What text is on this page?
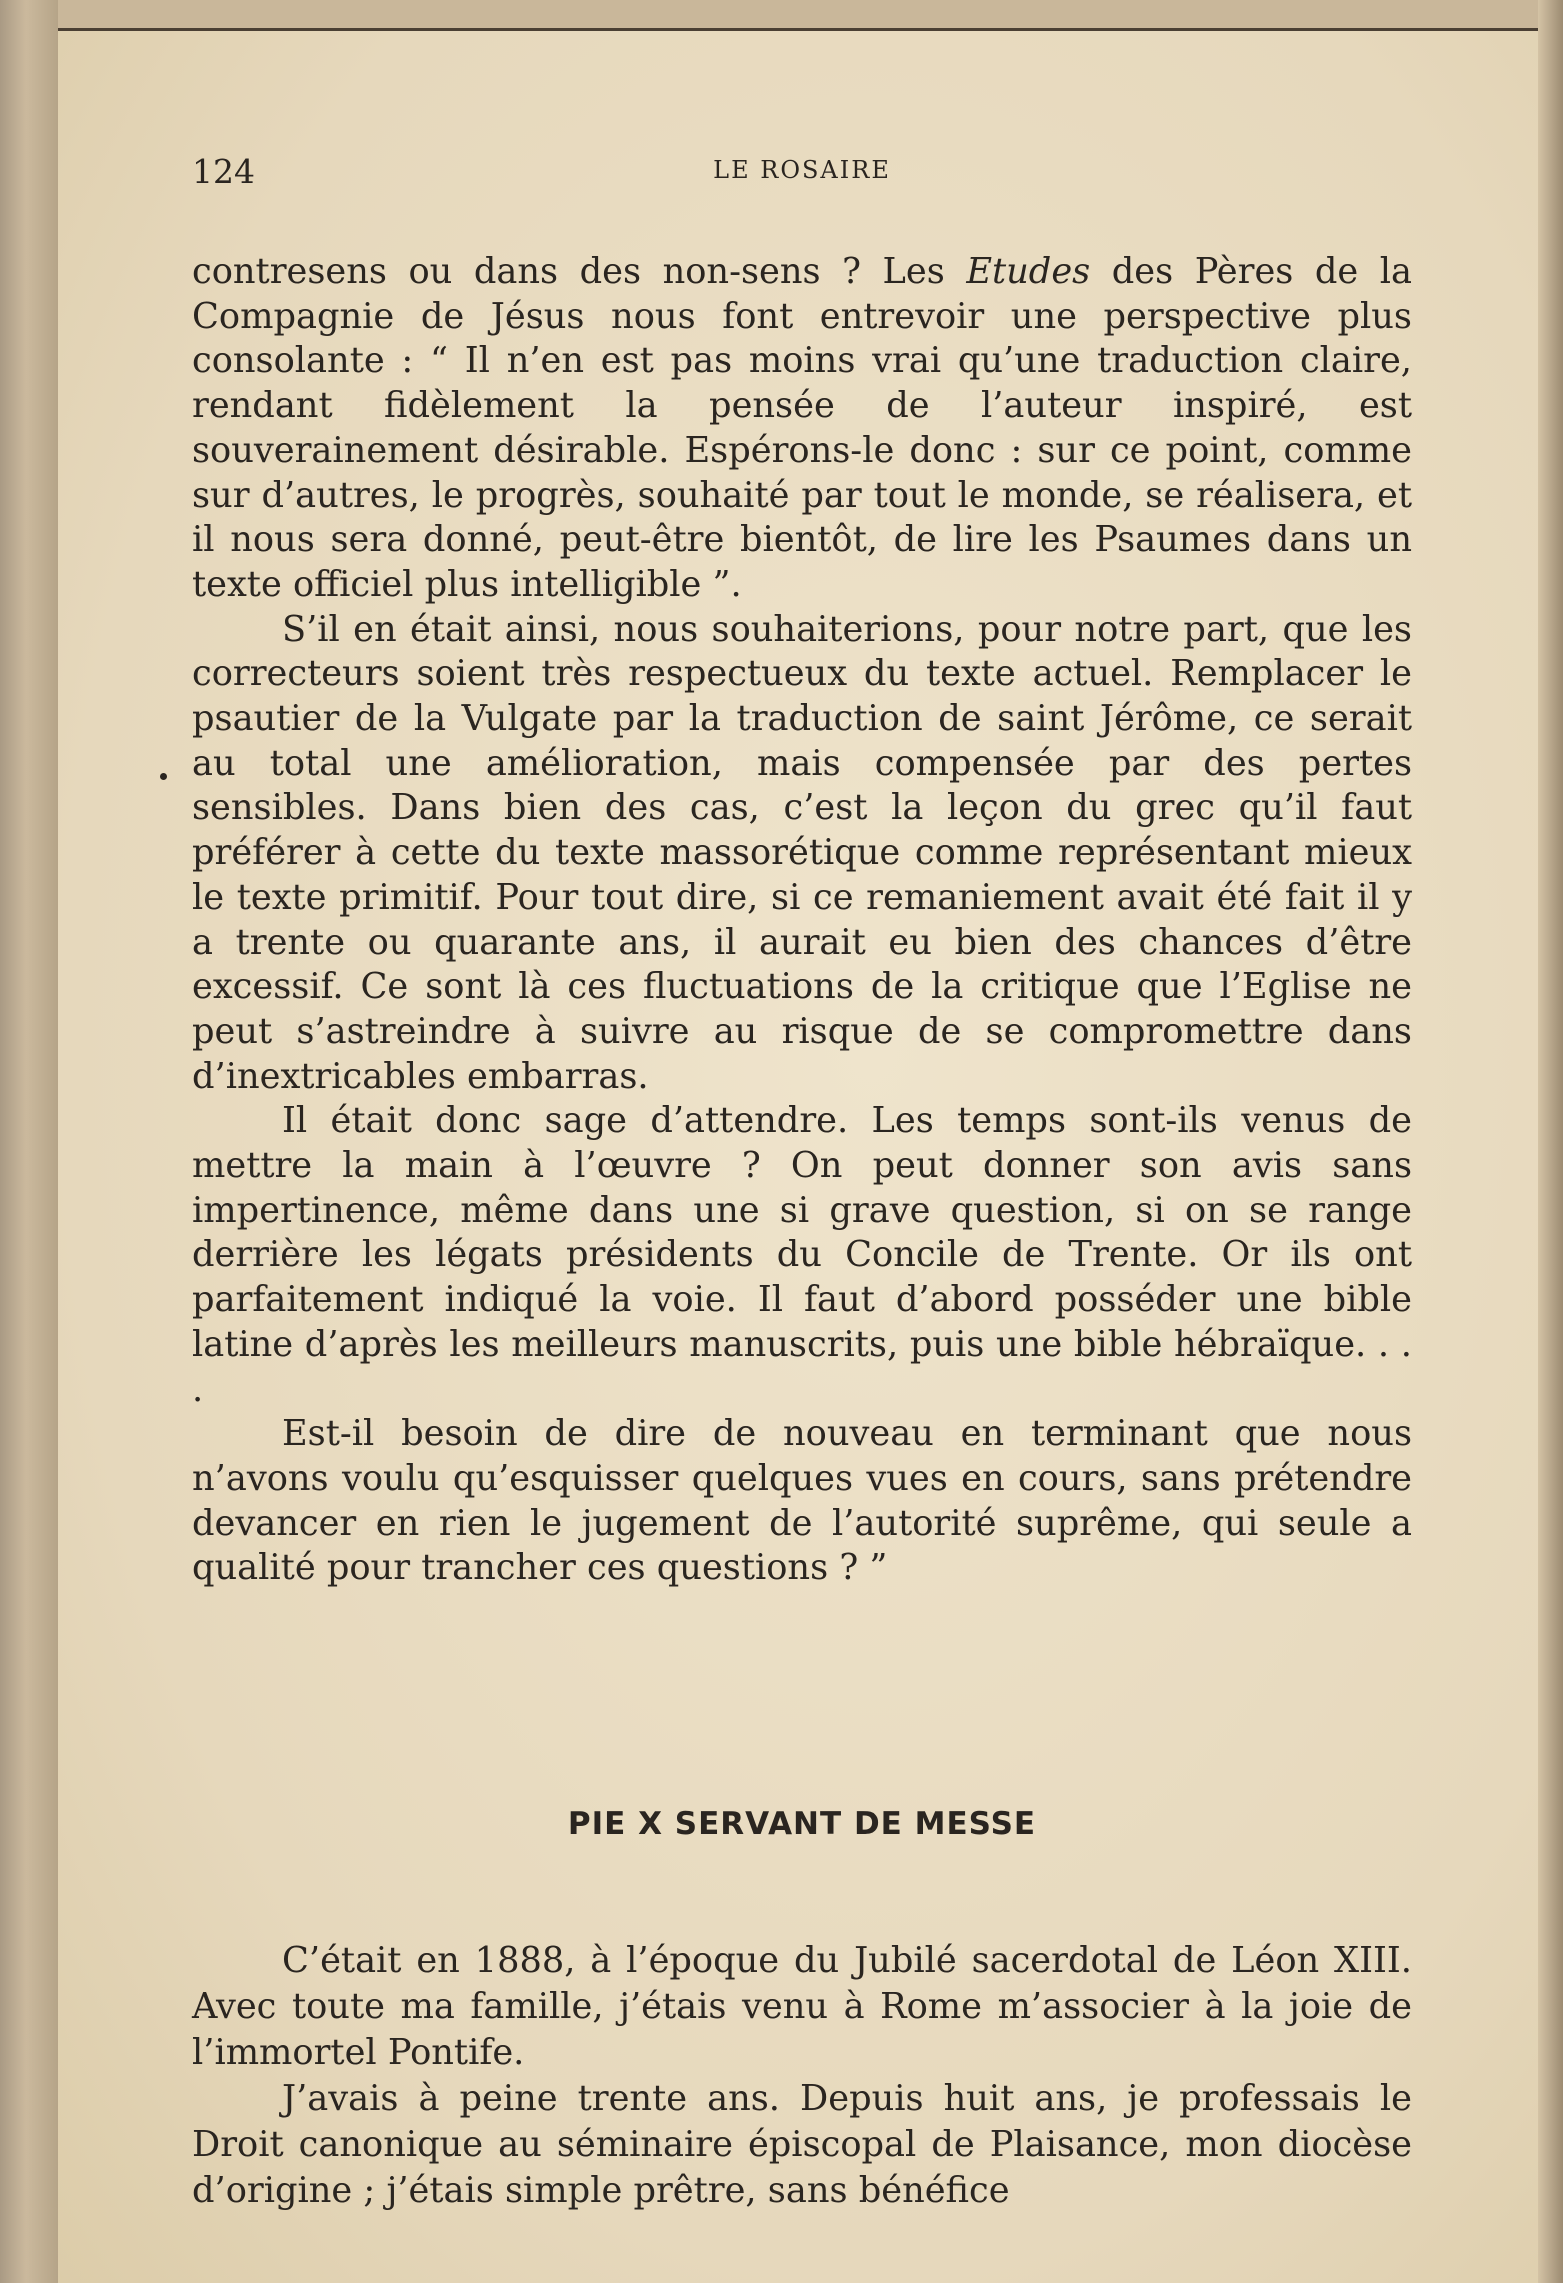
124	LE ROSAIRE

contresens ou dans des non-sens ? Les Etudes des Pères de la Compagnie de Jésus nous font entrevoir une perspective plus consolante : “ Il n’en est pas moins vrai qu’une traduction claire, rendant fidèlement la pensée de l’auteur inspiré, est souverainement désirable. Espérons-le donc : sur ce point, comme sur d’autres, le progrès, souhaité par tout le monde, se réalisera, et il nous sera donné, peut-être bientôt, de lire les Psaumes dans un texte officiel plus intelligible ”.

S’il en était ainsi, nous souhaiterions, pour notre part, que les correcteurs soient très respectueux du texte actuel. Remplacer le psautier de la Vulgate par la traduction de saint Jérôme, ce serait au total une amélioration, mais compensée par des pertes sensibles. Dans bien des cas, c’est la leçon du grec qu’il faut préférer à cette du texte massorétique comme représentant mieux le texte primitif. Pour tout dire, si ce remaniement avait été fait il y a trente ou quarante ans, il aurait eu bien des chances d’être excessif. Ce sont là ces fluctuations de la critique que l’Eglise ne peut s’astreindre à suivre au risque de se compromettre dans d’inextricables embarras.

Il était donc sage d’attendre. Les temps sont-ils venus de mettre la main à l’œuvre ? On peut donner son avis sans impertinence, même dans une si grave question, si on se range derrière les légats présidents du Concile de Trente. Or ils ont parfaitement indiqué la voie. Il faut d’abord posséder une bible latine d’après les meilleurs manuscrits, puis une bible hébraïque. . . .

Est-il besoin de dire de nouveau en terminant que nous n’avons voulu qu’esquisser quelques vues en cours, sans prétendre devancer en rien le jugement de l’autorité suprême, qui seule a qualité pour trancher ces questions ? ”

PIE X SERVANT DE MESSE

C’était en 1888, à l’époque du Jubilé sacerdotal de Léon XIII. Avec toute ma famille, j’étais venu à Rome m’associer à la joie de l’immortel Pontife.

J’avais à peine trente ans. Depuis huit ans, je professais le Droit canonique au séminaire épiscopal de Plaisance, mon diocèse d’origine ; j’étais simple prêtre, sans bénéfice
